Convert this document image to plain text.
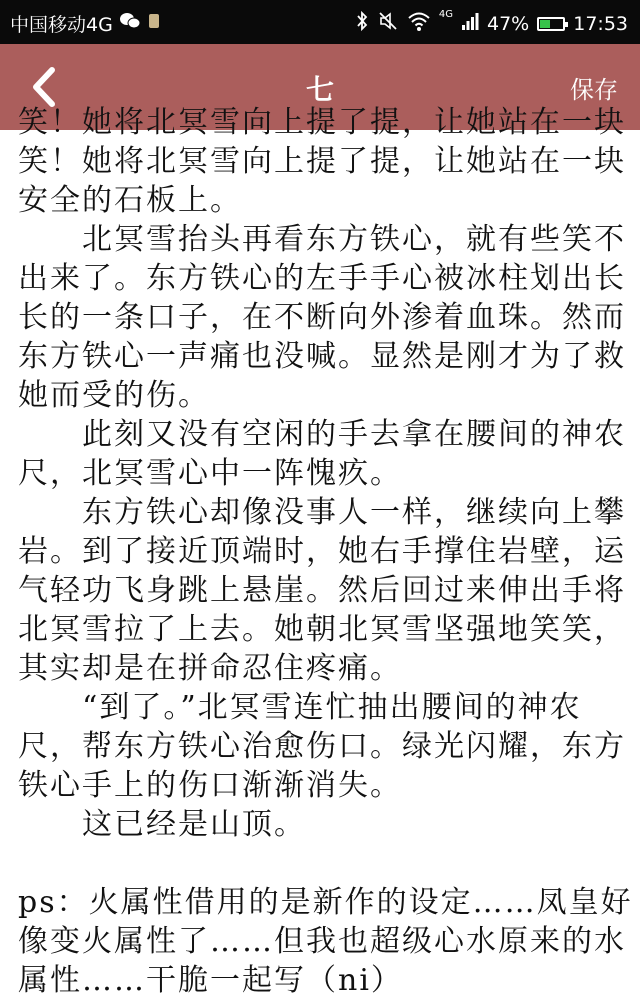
中国移动4G	4G 47% 17:53
七	保存
笑！她将北冥雪向上提了提，让她站在一块
笑！她将北冥雪向上提了提，让她站在一块
安全的石板上。
　　北冥雪抬头再看东方铁心，就有些笑不
出来了。东方铁心的左手手心被冰柱划出长
长的一条口子，在不断向外渗着血珠。然而
东方铁心一声痛也没喊。显然是刚才为了救
她而受的伤。
　　此刻又没有空闲的手去拿在腰间的神农
尺，北冥雪心中一阵愧疚。
　　东方铁心却像没事人一样，继续向上攀
岩。到了接近顶端时，她右手撑住岩壁，运
气轻功飞身跳上悬崖。然后回过来伸出手将
北冥雪拉了上去。她朝北冥雪坚强地笑笑，
其实却是在拼命忍住疼痛。
　　“到了。”北冥雪连忙抽出腰间的神农
尺，帮东方铁心治愈伤口。绿光闪耀，东方
铁心手上的伤口渐渐消失。
　　这已经是山顶。
ps：火属性借用的是新作的设定……凤皇好
像变火属性了……但我也超级心水原来的水
属性……干脆一起写（ni）
